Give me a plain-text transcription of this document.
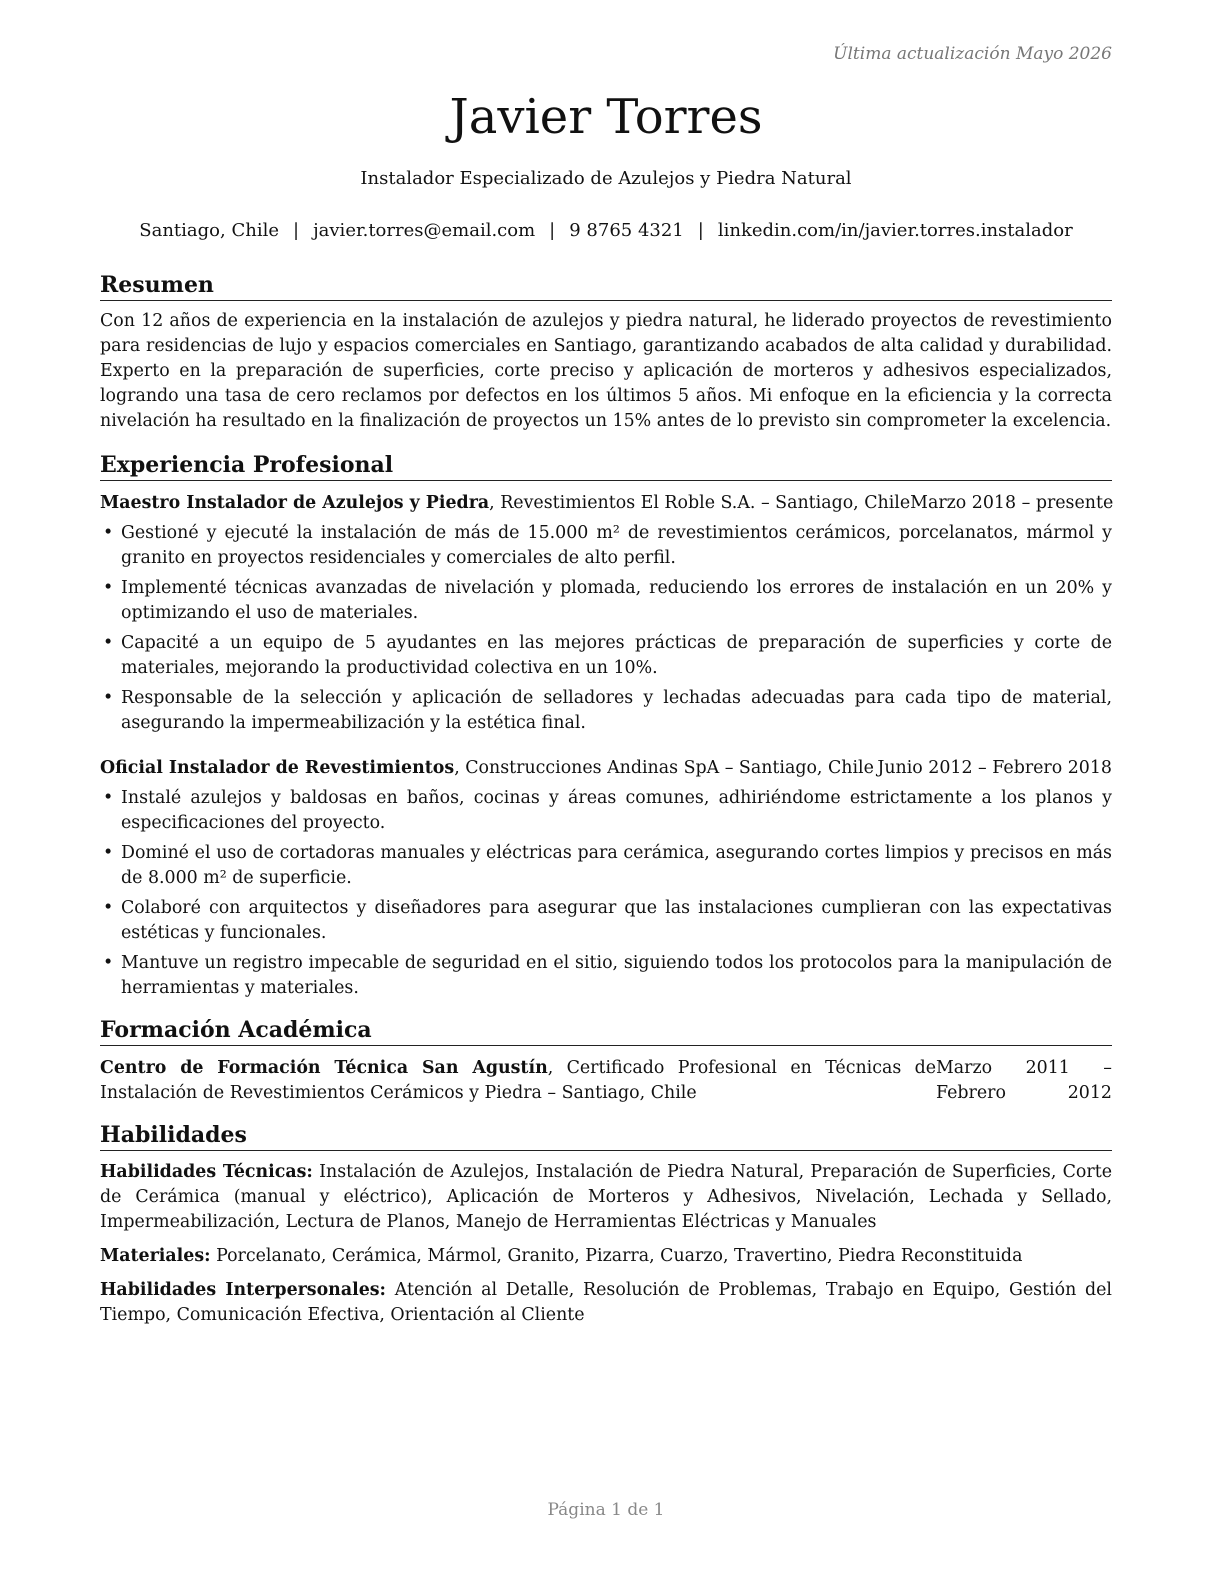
Última actualización Mayo 2026
Javier Torres
Instalador Especializado de Azulejos y Piedra Natural
Santiago, Chile | javier.torres@email.com | 9 8765 4321 | linkedin.com/in/javier.torres.instalador
Resumen

Con 12 años de experiencia en la instalación de azulejos y piedra natural, he liderado proyectos de revestimiento para residencias de lujo y espacios comerciales en Santiago, garantizando acabados de alta calidad y durabilidad. Experto en la preparación de superficies, corte preciso y aplicación de morteros y adhesivos especializados, logrando una tasa de cero reclamos por defectos en los últimos 5 años. Mi enfoque en la eficiencia y la correcta nivelación ha resultado en la finalización de proyectos un 15% antes de lo previsto sin comprometer la excelencia.

Experiencia Profesional
Maestro Instalador de Azulejos y Piedra, Revestimientos El Roble S.A. – Santiago, Chile Marzo 2018 – presente
• Gestioné y ejecuté la instalación de más de 15.000 m² de revestimientos cerámicos, porcelanatos, mármol y granito en proyectos residenciales y comerciales de alto perfil.
• Implementé técnicas avanzadas de nivelación y plomada, reduciendo los errores de instalación en un 20% y optimizando el uso de materiales.
• Capacité a un equipo de 5 ayudantes en las mejores prácticas de preparación de superficies y corte de materiales, mejorando la productividad colectiva en un 10%.
• Responsable de la selección y aplicación de selladores y lechadas adecuadas para cada tipo de material, asegurando la impermeabilización y la estética final.
Oficial Instalador de Revestimientos, Construcciones Andinas SpA – Santiago, Chile Junio 2012 – Febrero 2018
• Instalé azulejos y baldosas en baños, cocinas y áreas comunes, adhiriéndome estrictamente a los planos y especificaciones del proyecto.
• Dominé el uso de cortadoras manuales y eléctricas para cerámica, asegurando cortes limpios y precisos en más de 8.000 m² de superficie.
• Colaboré con arquitectos y diseñadores para asegurar que las instalaciones cumplieran con las expectativas estéticas y funcionales.
• Mantuve un registro impecable de seguridad en el sitio, siguiendo todos los protocolos para la manipulación de herramientas y materiales.
Formación Académica
Centro de Formación Técnica San Agustín, Certificado Profesional en Técnicas de Instalación de Revestimientos Cerámicos y Piedra – Santiago, Chile
Marzo 2011 – Febrero 2012
Habilidades
Habilidades Técnicas: Instalación de Azulejos, Instalación de Piedra Natural, Preparación de Superficies, Corte de Cerámica (manual y eléctrico), Aplicación de Morteros y Adhesivos, Nivelación, Lechada y Sellado, Impermeabilización, Lectura de Planos, Manejo de Herramientas Eléctricas y Manuales
Materiales: Porcelanato, Cerámica, Mármol, Granito, Pizarra, Cuarzo, Travertino, Piedra Reconstituida
Habilidades Interpersonales: Atención al Detalle, Resolución de Problemas, Trabajo en Equipo, Gestión del Tiempo, Comunicación Efectiva, Orientación al Cliente
Página 1 de 1
